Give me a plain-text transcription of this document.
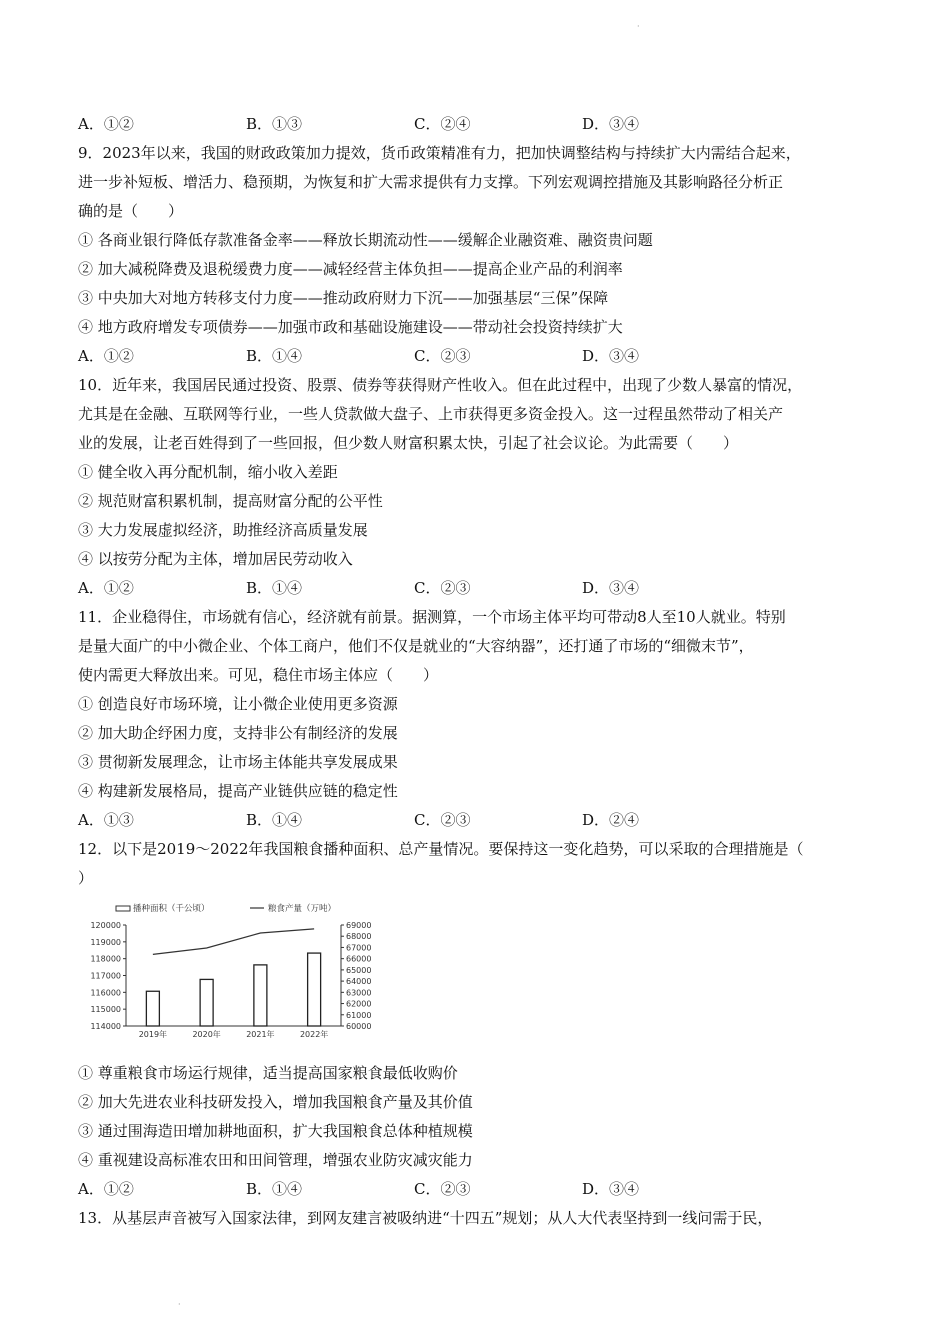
·
A．①②	B．①③	C．②④	D．③④
9．2023年以来，我国的财政政策加力提效，货币政策精准有力，把加快调整结构与持续扩大内需结合起来，
进一步补短板、增活力、稳预期，为恢复和扩大需求提供有力支撑。下列宏观调控措施及其影响路径分析正
确的是（　　）
① 各商业银行降低存款准备金率——释放长期流动性——缓解企业融资难、融资贵问题
② 加大减税降费及退税缓费力度——减轻经营主体负担——提高企业产品的利润率
③ 中央加大对地方转移支付力度——推动政府财力下沉——加强基层“三保”保障
④ 地方政府增发专项债券——加强市政和基础设施建设——带动社会投资持续扩大
A．①②	B．①④	C．②③	D．③④
10．近年来，我国居民通过投资、股票、债券等获得财产性收入。但在此过程中，出现了少数人暴富的情况，
尤其是在金融、互联网等行业，一些人贷款做大盘子、上市获得更多资金投入。这一过程虽然带动了相关产
业的发展，让老百姓得到了一些回报，但少数人财富积累太快，引起了社会议论。为此需要（　　）
① 健全收入再分配机制，缩小收入差距
② 规范财富积累机制，提高财富分配的公平性
③ 大力发展虚拟经济，助推经济高质量发展
④ 以按劳分配为主体，增加居民劳动收入
A．①②	B．①④	C．②③	D．③④
11．企业稳得住，市场就有信心，经济就有前景。据测算，一个市场主体平均可带动8人至10人就业。特别
是量大面广的中小微企业、个体工商户，他们不仅是就业的“大容纳器”，还打通了市场的“细微末节”，
使内需更大释放出来。可见，稳住市场主体应（　　）
① 创造良好市场环境，让小微企业使用更多资源
② 加大助企纾困力度，支持非公有制经济的发展
③ 贯彻新发展理念，让市场主体能共享发展成果
④ 构建新发展格局，提高产业链供应链的稳定性
A．①③	B．①④	C．②③	D．②④
12．以下是2019～2022年我国粮食播种面积、总产量情况。要保持这一变化趋势，可以采取的合理措施是（
）
播种面积（千公顷）	粮食产量（万吨）
120000
119000
118000
117000
116000
115000
114000
69000
68000
67000
66000
65000
64000
63000
62000
61000
60000
2019年	2020年	2021年	2022年
① 尊重粮食市场运行规律，适当提高国家粮食最低收购价
② 加大先进农业科技研发投入，增加我国粮食产量及其价值
③ 通过围海造田增加耕地面积，扩大我国粮食总体种植规模
④ 重视建设高标准农田和田间管理，增强农业防灾减灾能力
A．①②	B．①④	C．②③	D．③④
13．从基层声音被写入国家法律，到网友建言被吸纳进“十四五”规划；从人大代表坚持到一线问需于民，
·
